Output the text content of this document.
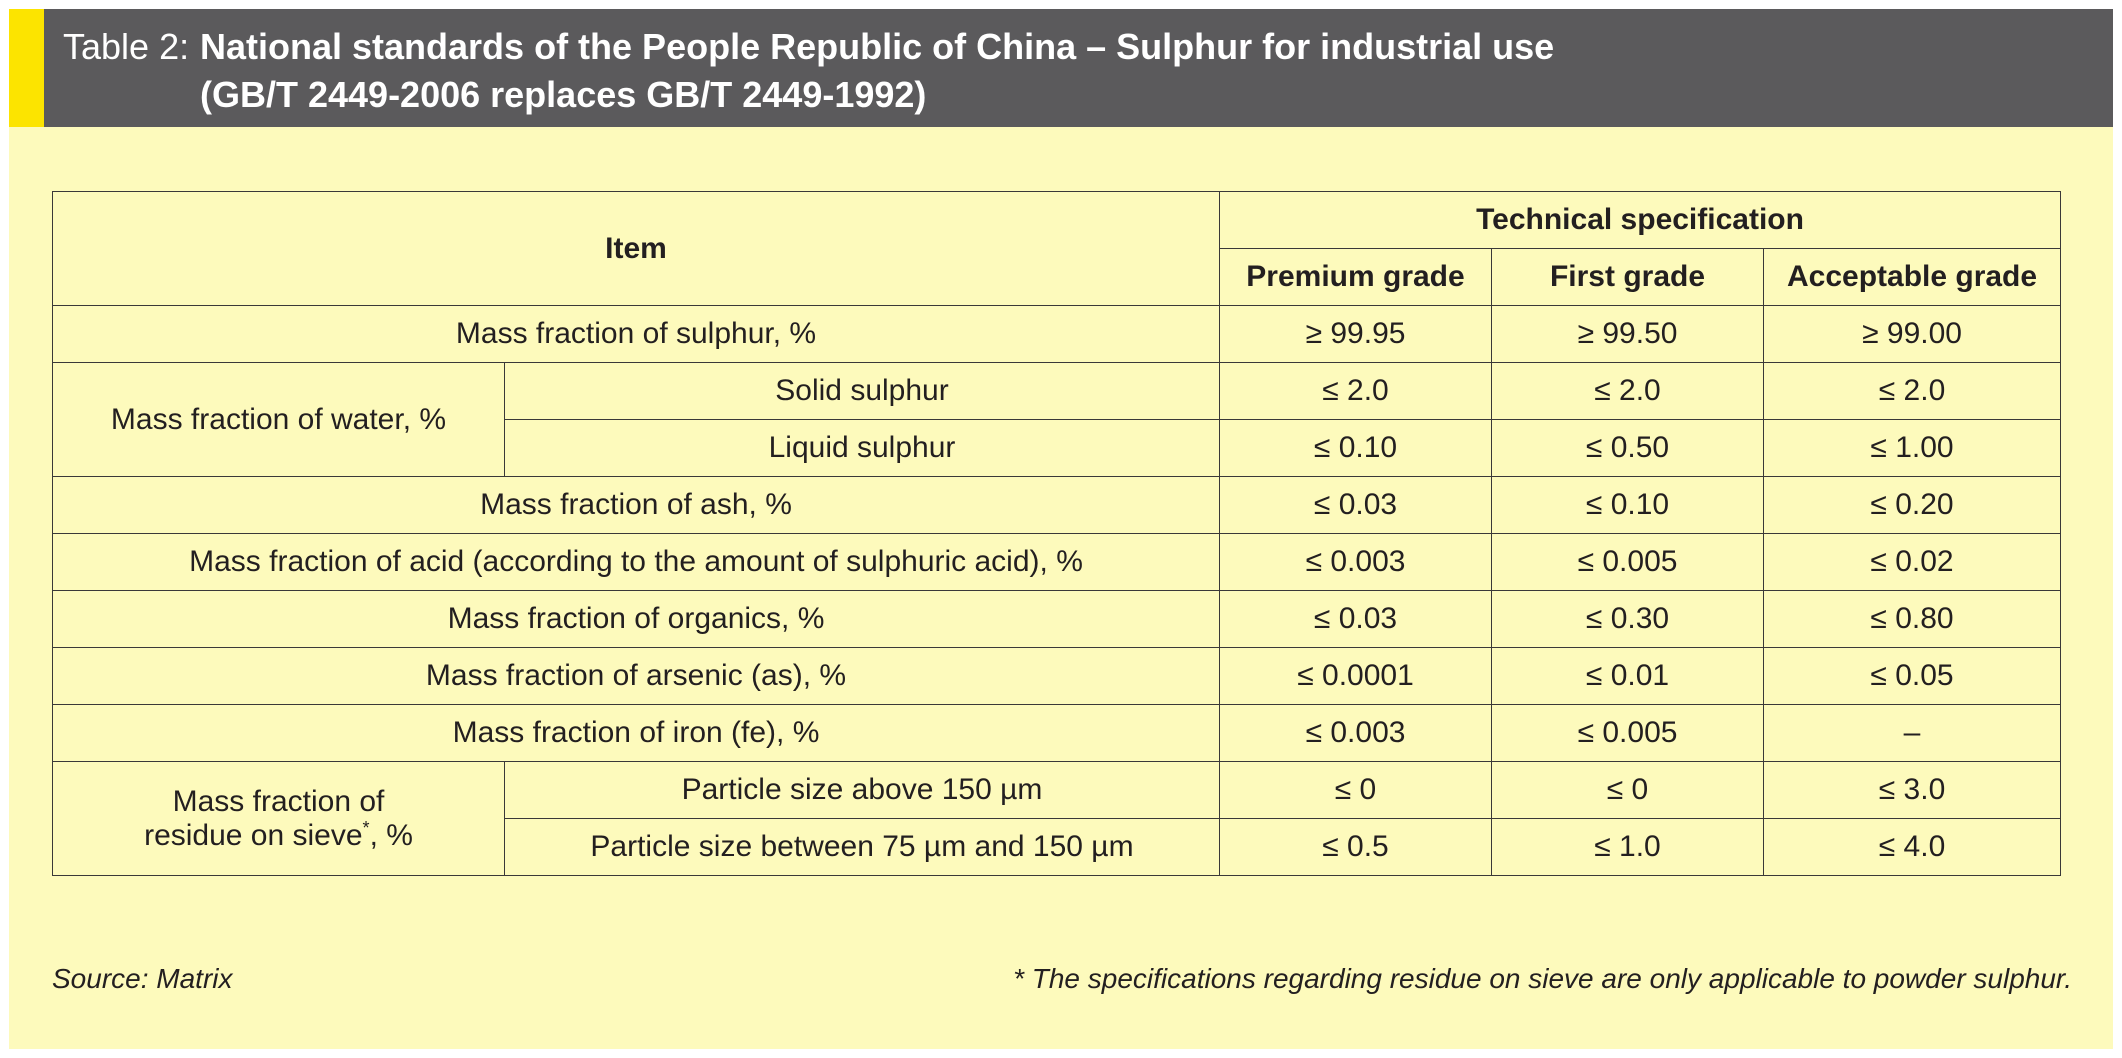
Table 2: National standards of the People Republic of China – Sulphur for industrial use
(GB/T 2449-2006 replaces GB/T 2449-1992)
Item		Technical specification		
		Premium grade	First grade	Acceptable grade
Mass fraction of sulphur, %		≥ 99.95	≥ 99.50	≥ 99.00
Mass fraction of water, %	Solid sulphur	≤ 2.0	≤ 2.0	≤ 2.0
	Liquid sulphur	≤ 0.10	≤ 0.50	≤ 1.00
Mass fraction of ash, %		≤ 0.03	≤ 0.10	≤ 0.20
Mass fraction of acid (according to the amount of sulphuric acid), %		≤ 0.003	≤ 0.005	≤ 0.02
Mass fraction of organics, %		≤ 0.03	≤ 0.30	≤ 0.80
Mass fraction of arsenic (as), %		≤ 0.0001	≤ 0.01	≤ 0.05
Mass fraction of iron (fe), %		≤ 0.003	≤ 0.005	–
Mass fraction of
residue on sieve*, %	Particle size above 150 µm	≤ 0	≤ 0	≤ 3.0
	Particle size between 75 µm and 150 µm	≤ 0.5	≤ 1.0	≤ 4.0
Source: Matrix	* The specifications regarding residue on sieve are only applicable to powder sulphur.
